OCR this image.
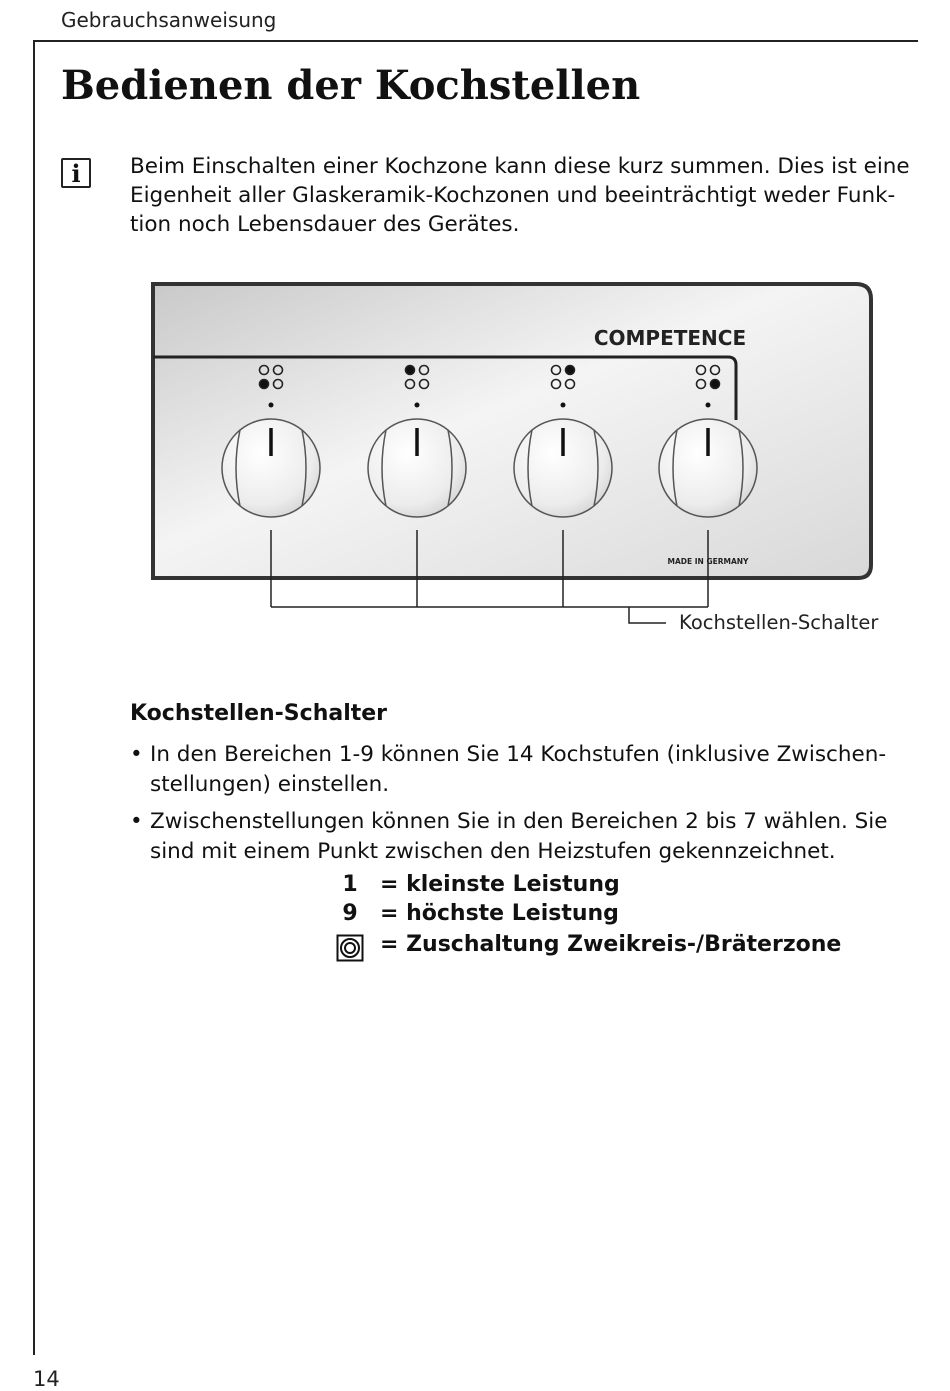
Gebrauchsanweisung
Bedienen der Kochstellen
i	Beim Einschalten einer Kochzone kann diese kurz summen. Dies ist eine
Eigenheit aller Glaskeramik-Kochzonen und beeinträchtigt weder Funk-
tion noch Lebensdauer des Gerätes.
COMPETENCE
MADE IN GERMANY
Kochstellen-Schalter
Kochstellen-Schalter
• In den Bereichen 1-9 können Sie 14 Kochstufen (inklusive Zwischen-
stellungen) einstellen.
• Zwischenstellungen können Sie in den Bereichen 2 bis 7 wählen. Sie
sind mit einem Punkt zwischen den Heizstufen gekennzeichnet.
1	= kleinste Leistung
9	= höchste Leistung
= Zuschaltung Zweikreis-/Bräterzone
14
